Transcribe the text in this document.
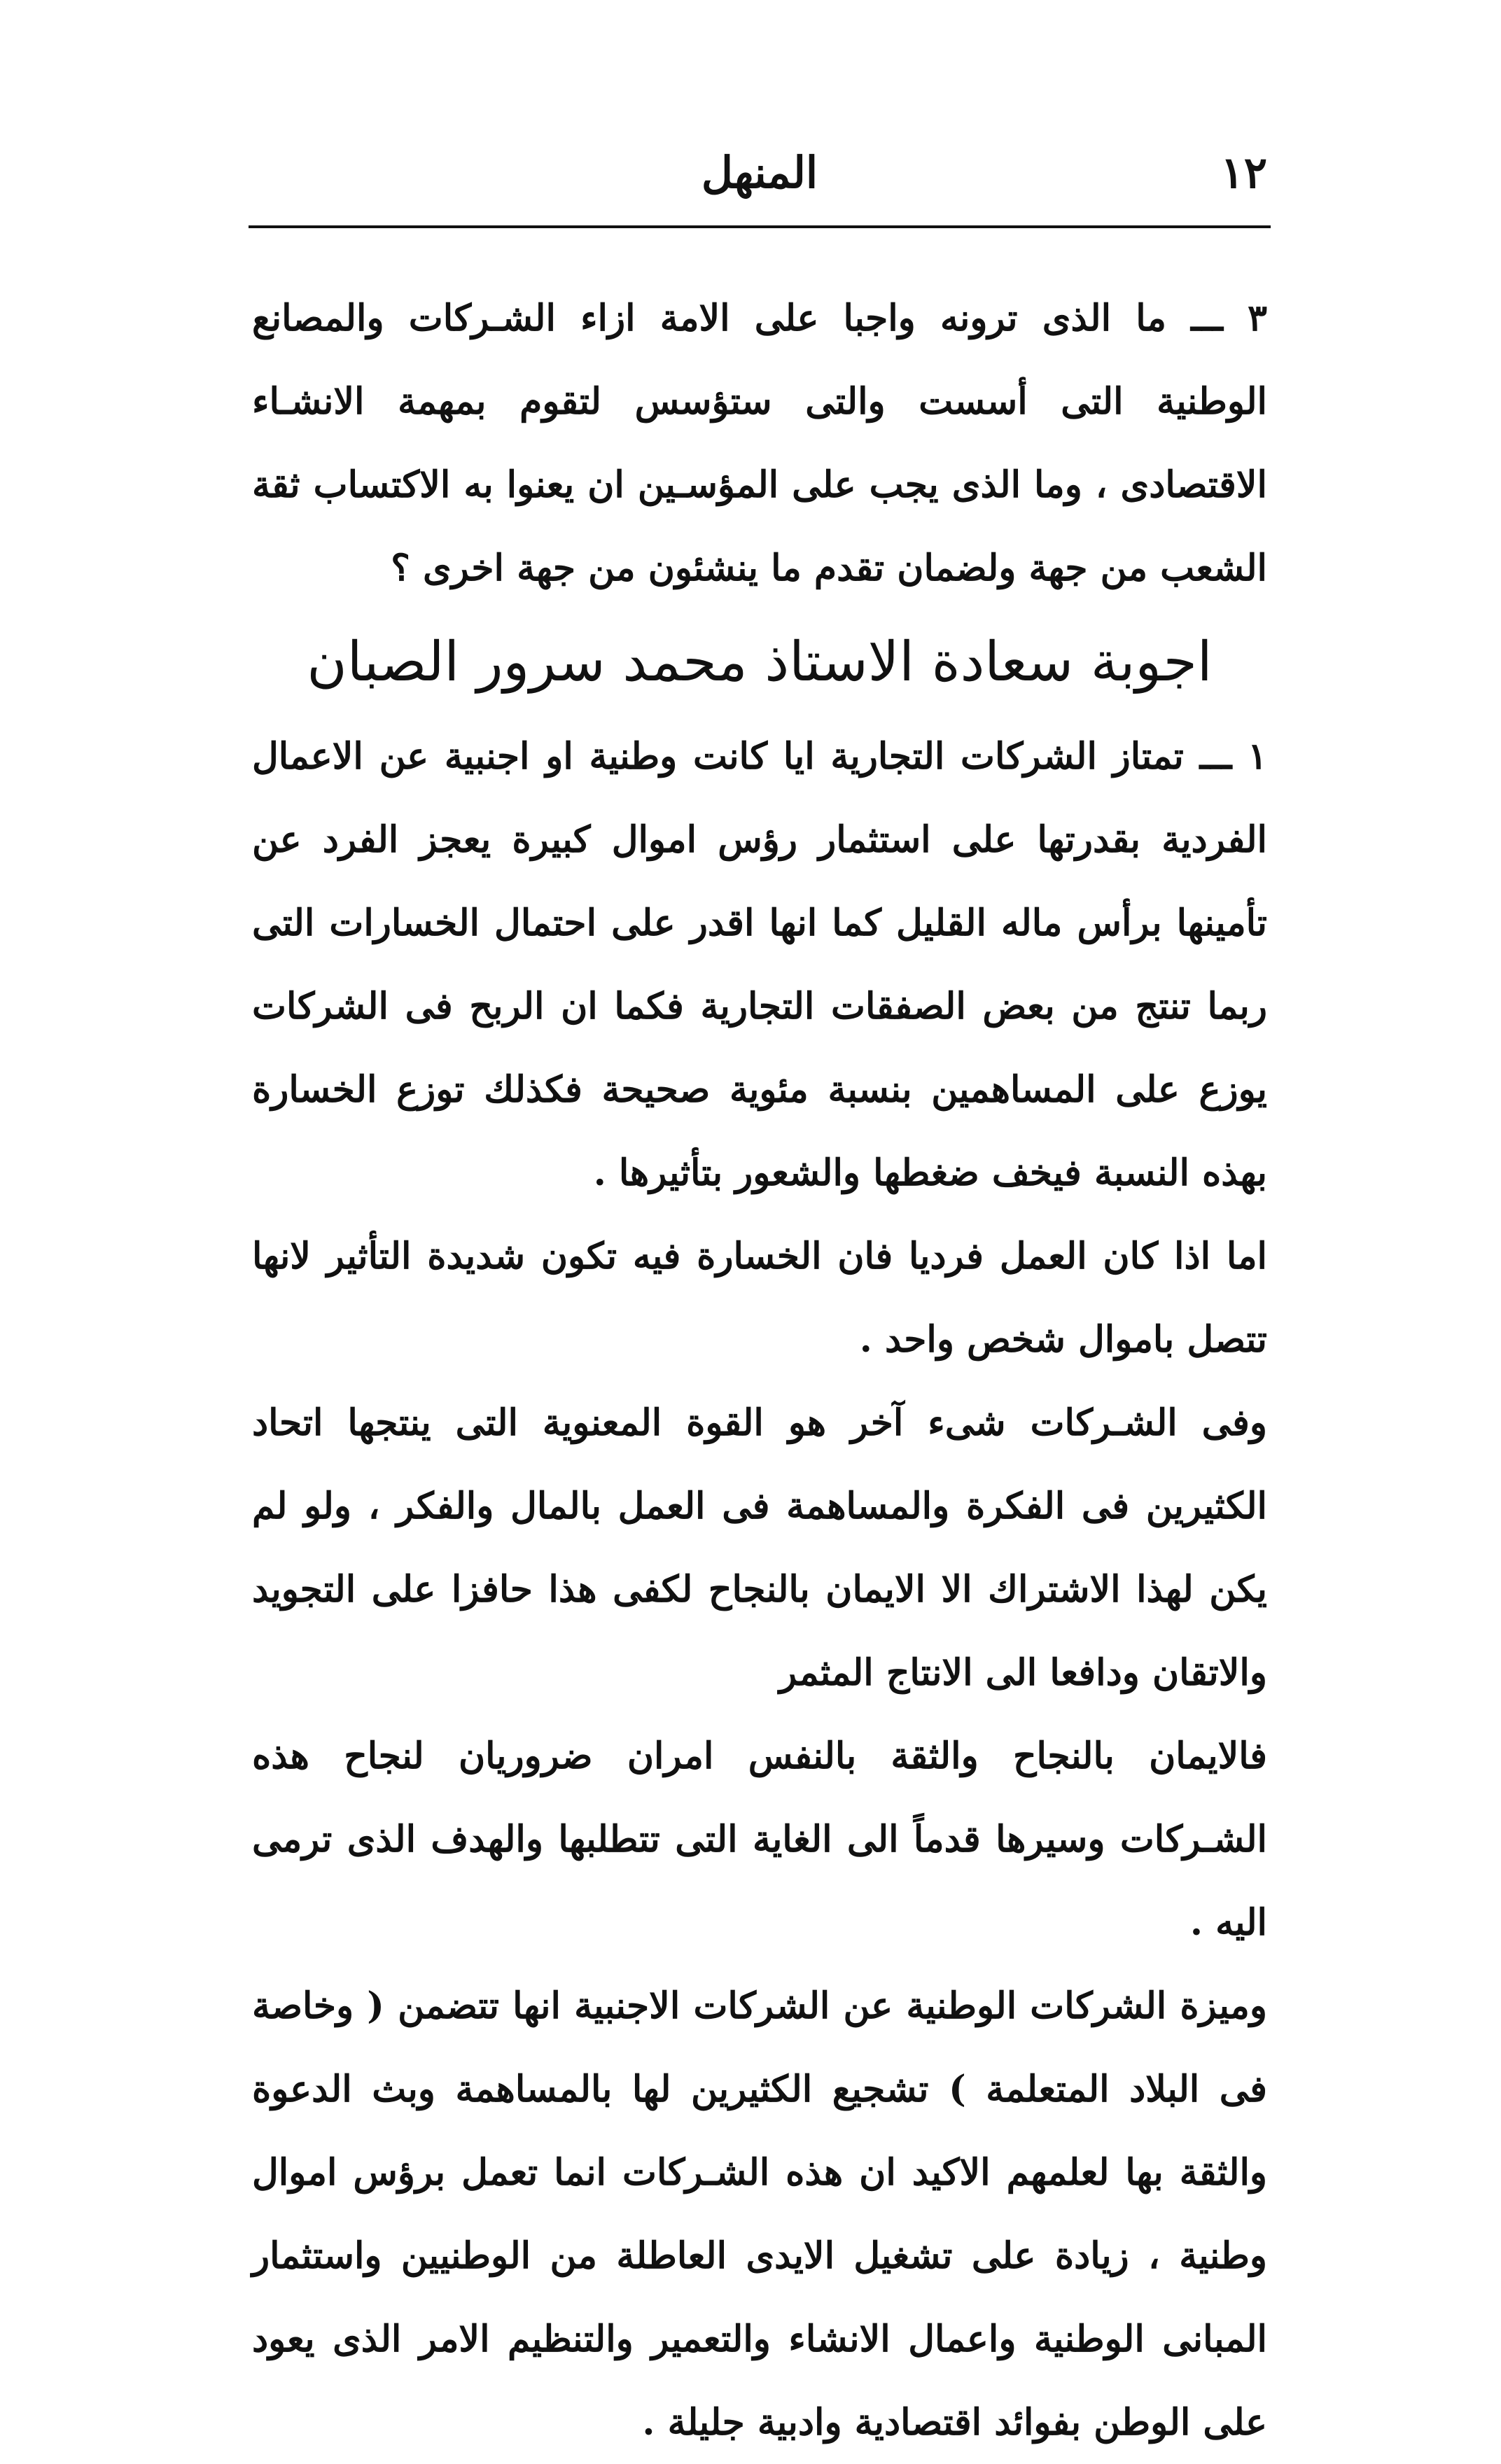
١٢
المنهل

٣ ـــ ما الذى ترونه واجبا على الامة ازاء الشـركات والمصانع الوطنية التى أسست والتى ستؤسس لتقوم بمهمة الانشـاء الاقتصادى ، وما الذى يجب على المؤسـين ان يعنوا به الاكتساب ثقة الشعب من جهة ولضمان تقدم ما ينشئون من جهة اخرى ؟

اجوبة سعادة الاستاذ محمد سرور الصبان

١ ـــ تمتاز الشركات التجارية ايا كانت وطنية او اجنبية عن الاعمال الفردية بقدرتها على استثمار رؤس اموال كبيرة يعجز الفرد عن تأمينها برأس ماله القليل كما انها اقدر على احتمال الخسارات التى ربما تنتج من بعض الصفقات التجارية فكما ان الربح فى الشركات يوزع على المساهمين بنسبة مئوية صحيحة فكذلك توزع الخسارة بهذه النسبة فيخف ضغطها والشعور بتأثيرها .

اما اذا كان العمل فرديا فان الخسارة فيه تكون شديدة التأثير لانها تتصل باموال شخص واحد .

وفى الشـركات شىء آخر هو القوة المعنوية التى ينتجها اتحاد الكثيرين فى الفكرة والمساهمة فى العمل بالمال والفكر ، ولو لم يكن لهذا الاشتراك الا الايمان بالنجاح لكفى هذا حافزا على التجويد والاتقان ودافعا الى الانتاج المثمر

فالايمان بالنجاح والثقة بالنفس امران ضروريان لنجاح هذه الشـركات وسيرها قدماً الى الغاية التى تتطلبها والهدف الذى ترمى اليه .

وميزة الشركات الوطنية عن الشركات الاجنبية انها تتضمن ( وخاصة فى البلاد المتعلمة ) تشجيع الكثيرين لها بالمساهمة وبث الدعوة والثقة بها لعلمهم الاكيد ان هذه الشـركات انما تعمل برؤس اموال وطنية ، زيادة على تشغيل الايدى العاطلة من الوطنيين واستثمار المبانى الوطنية واعمال الانشاء والتعمير والتنظيم الامر الذى يعود على الوطن بفوائد اقتصادية وادبية جليلة .
